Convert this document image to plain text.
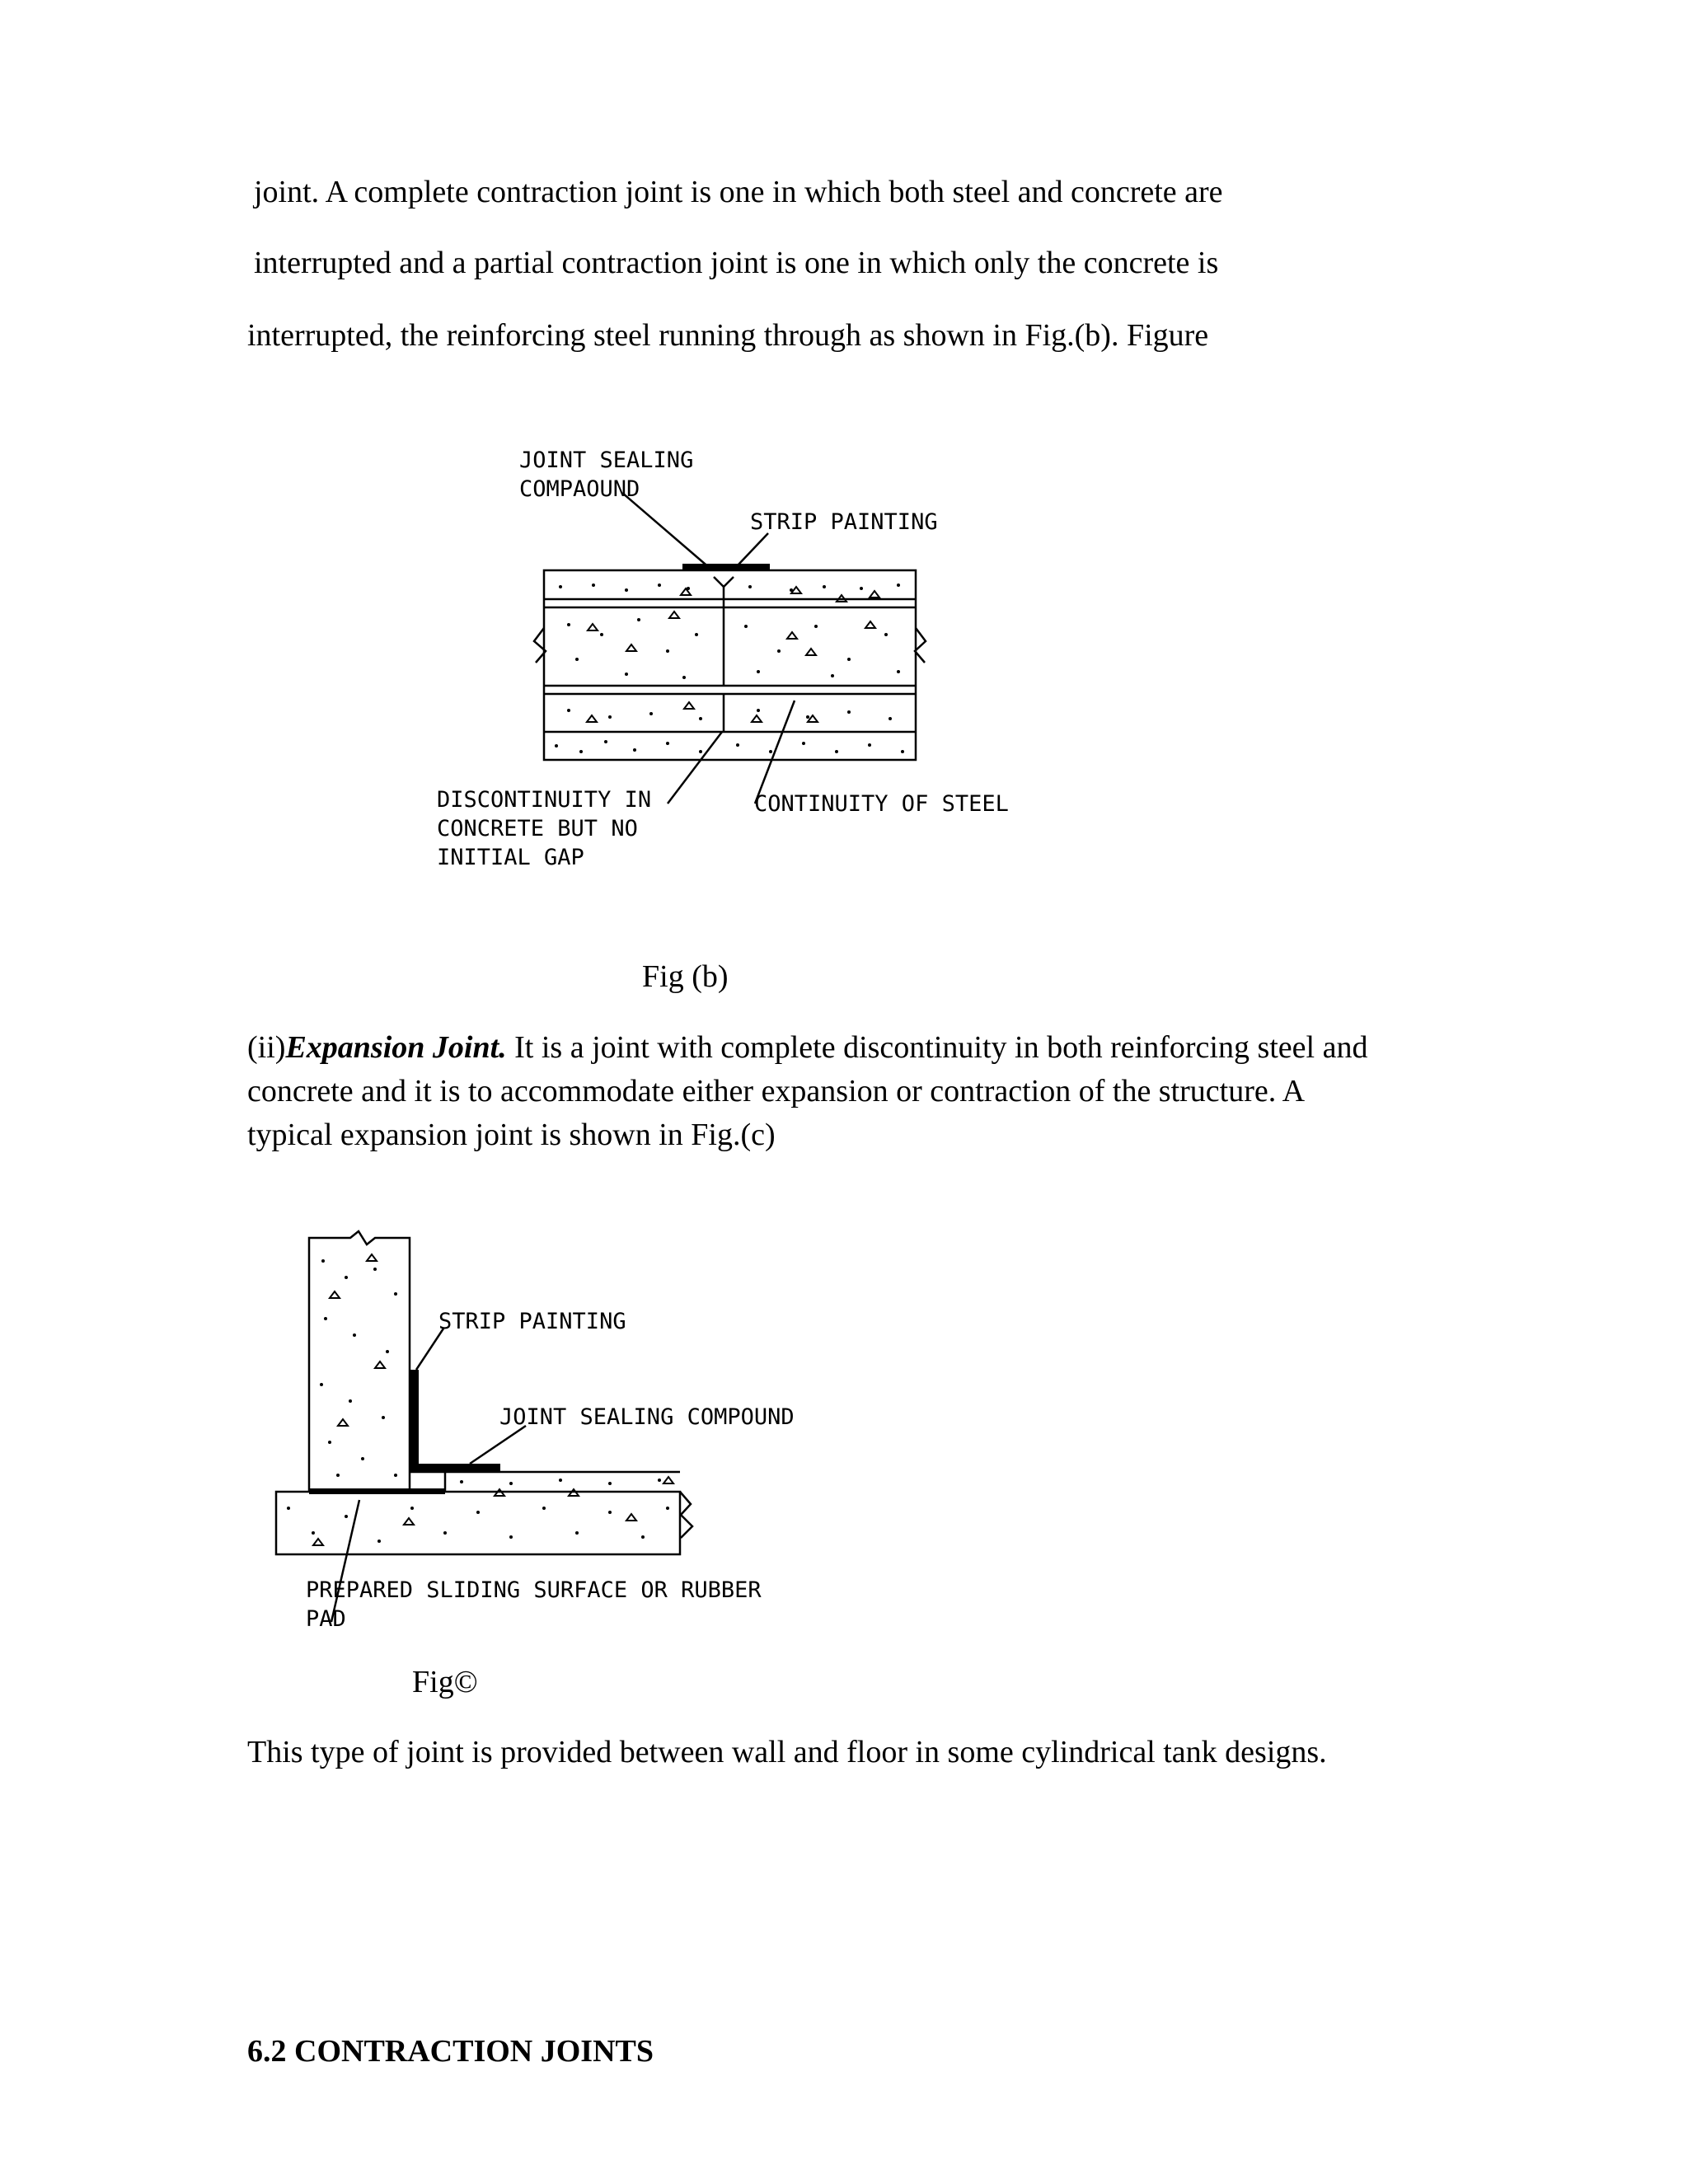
joint. A complete contraction joint is one in which both steel and concrete are
interrupted and a partial contraction joint is one in which only the concrete is
interrupted, the reinforcing steel running through as shown in Fig.(b). Figure
JOINT SEALING
COMPAOUND
STRIP PAINTING
DISCONTINUITY IN
CONCRETE BUT NO
INITIAL GAP
CONTINUITY OF STEEL
Fig (b)
(ii)Expansion Joint. It is a joint with complete discontinuity in both reinforcing steel and
concrete and it is to accommodate either expansion or contraction of the structure. A
typical expansion joint is shown in Fig.(c)
STRIP PAINTING
JOINT SEALING COMPOUND
PREPARED SLIDING SURFACE OR RUBBER
PAD
Fig©
This type of joint is provided between wall and floor in some cylindrical tank designs.
6.2 CONTRACTION JOINTS
